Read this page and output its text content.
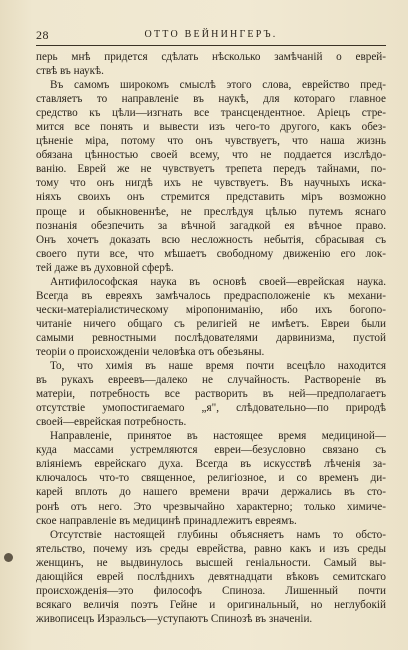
28	ОТТО ВЕЙНИНГЕРЪ.
перь мнѣ придется сдѣлать нѣсколько замѣчаній о еврей-
ствѣ въ наукѣ.
Въ самомъ широкомъ смыслѣ этого слова, еврейство пред-
ставляетъ то направленіе въ наукѣ, для котораго главное
средство къ цѣли—изгнать все трансцендентное. Арiецъ стре-
мится все понять и вывести изъ чего-то другого, какъ обез-
цѣненіе міра, потому что онъ чувствуетъ, что наша жизнь
обязана цѣнностью своей всему, что не поддается изслѣдо-
ванію. Еврей же не чувствуетъ трепета передъ тайнами, по-
тому что онъ нигдѣ ихъ не чувствуетъ. Въ научныхъ иска-
ніяхъ своихъ онъ стремится представить міръ возможно
проще и обыкновеннѣе, не преслѣдуя цѣлью путемъ яснаго
познанія обезпечить за вѣчной загадкой ея вѣчное право.
Онъ хочетъ доказать всю несложность небытія, сбрасывая съ
своего пути все, что мѣшаетъ свободному движенію его лок-
тей даже въ духовной сферѣ.
Антифилософская наука въ основѣ своей—еврейская наука.
Всегда въ евреяхъ замѣчалось предрасположеніе къ механи-
чески-матеріалистическому міропониманію, ибо ихъ богопо-
читаніе ничего общаго съ религіей не имѣетъ. Евреи были
самыми ревностными послѣдователями дарвинизма, пустой
теоріи о происхожденіи человѣка отъ обезьяны.
То, что химія въ наше время почти всецѣло находится
въ рукахъ евреевъ—далеко не случайность. Раствореніе въ
матеріи, потребность все растворить въ ней—предполагаетъ
отсутствіе умопостигаемаго „я", слѣдовательно—по природѣ
своей—еврейская потребность.
Направленіе, принятое въ настоящее время медициной—
куда массами устремляются евреи—безусловно связано съ
вліяніемъ еврейскаго духа. Всегда въ искусствѣ лѣченія за-
ключалось что-то священное, религіозное, и со временъ ди-
карей вплоть до нашего времени врачи держались въ сто-
ронѣ отъ него. Это чрезвычайно характерно; только химиче-
ское направленіе въ медицинѣ принадлежитъ евреямъ.
Отсутствіе настоящей глубины объясняетъ намъ то обсто-
ятельство, почему изъ среды еврейства, равно какъ и изъ среды
женщинъ, не выдвинулось высшей геніальности. Самый вы-
дающійся еврей послѣднихъ девятнадцати вѣковъ семитскаго
происхожденія—это философъ Спиноза. Лишенный почти
всякаго величія поэтъ Гейне и оригинальный, но неглубокій
живописецъ Израэльсъ—уступаютъ Спинозѣ въ значеніи.
